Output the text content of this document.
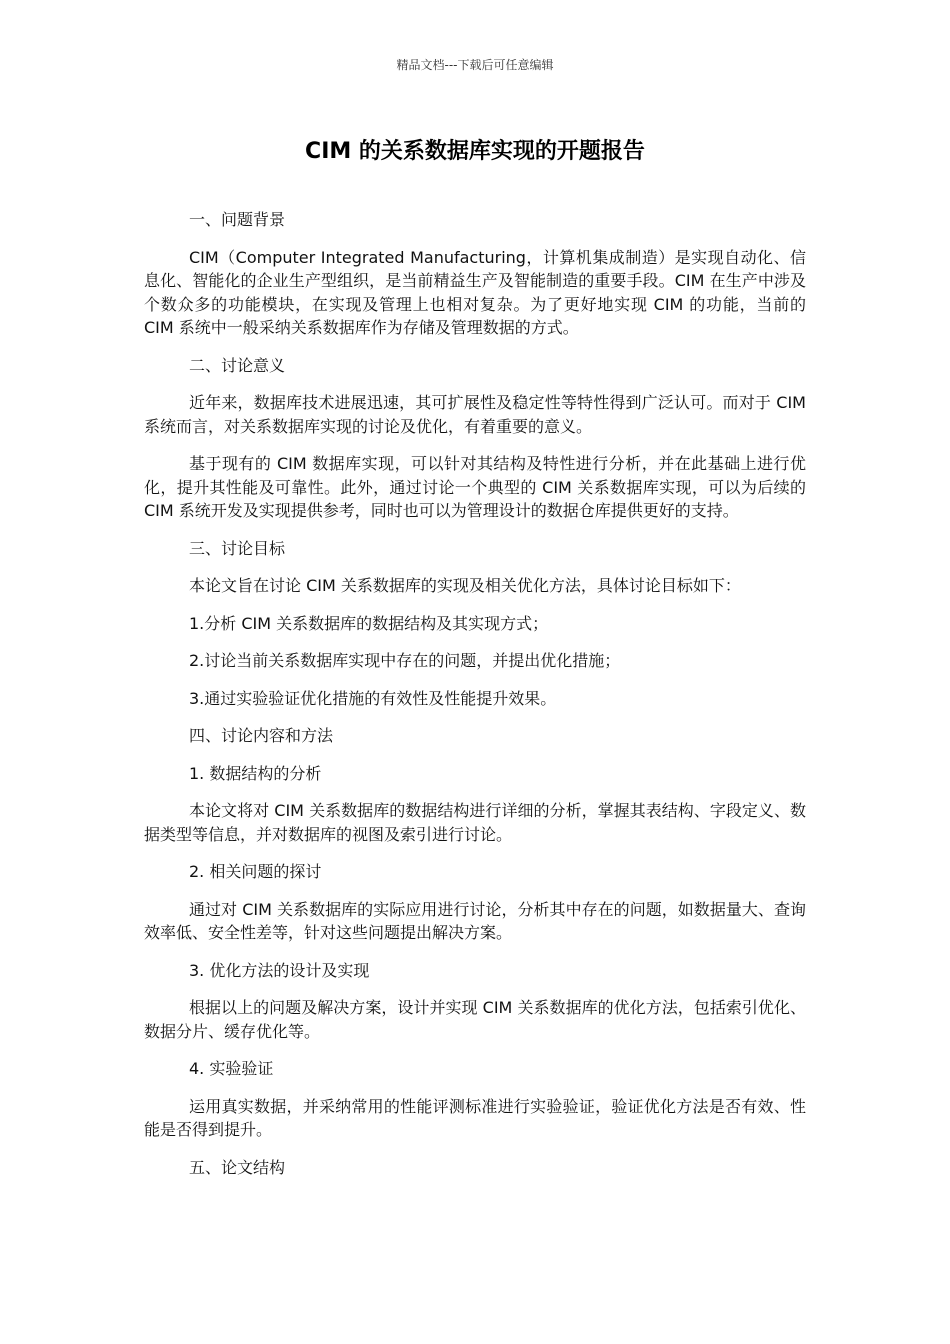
精品文档---下载后可任意编辑
CIM 的关系数据库实现的开题报告

一、问题背景

CIM（Computer Integrated Manufacturing，计算机集成制造）是实现自动化、信息化、智能化的企业生产型组织，是当前精益生产及智能制造的重要手段。CIM 在生产中涉及个数众多的功能模块，在实现及管理上也相对复杂。为了更好地实现 CIM 的功能，当前的 CIM 系统中一般采纳关系数据库作为存储及管理数据的方式。

二、讨论意义

近年来，数据库技术进展迅速，其可扩展性及稳定性等特性得到广泛认可。而对于 CIM 系统而言，对关系数据库实现的讨论及优化，有着重要的意义。

基于现有的 CIM 数据库实现，可以针对其结构及特性进行分析，并在此基础上进行优化，提升其性能及可靠性。此外，通过讨论一个典型的 CIM 关系数据库实现，可以为后续的 CIM 系统开发及实现提供参考，同时也可以为管理设计的数据仓库提供更好的支持。

三、讨论目标

本论文旨在讨论 CIM 关系数据库的实现及相关优化方法，具体讨论目标如下：

1.分析 CIM 关系数据库的数据结构及其实现方式；

2.讨论当前关系数据库实现中存在的问题，并提出优化措施；

3.通过实验验证优化措施的有效性及性能提升效果。

四、讨论内容和方法

1. 数据结构的分析

本论文将对 CIM 关系数据库的数据结构进行详细的分析，掌握其表结构、字段定义、数据类型等信息，并对数据库的视图及索引进行讨论。

2. 相关问题的探讨

通过对 CIM 关系数据库的实际应用进行讨论，分析其中存在的问题，如数据量大、查询效率低、安全性差等，针对这些问题提出解决方案。

3. 优化方法的设计及实现

根据以上的问题及解决方案，设计并实现 CIM 关系数据库的优化方法，包括索引优化、数据分片、缓存优化等。

4. 实验验证

运用真实数据，并采纳常用的性能评测标准进行实验验证，验证优化方法是否有效、性能是否得到提升。

五、论文结构
